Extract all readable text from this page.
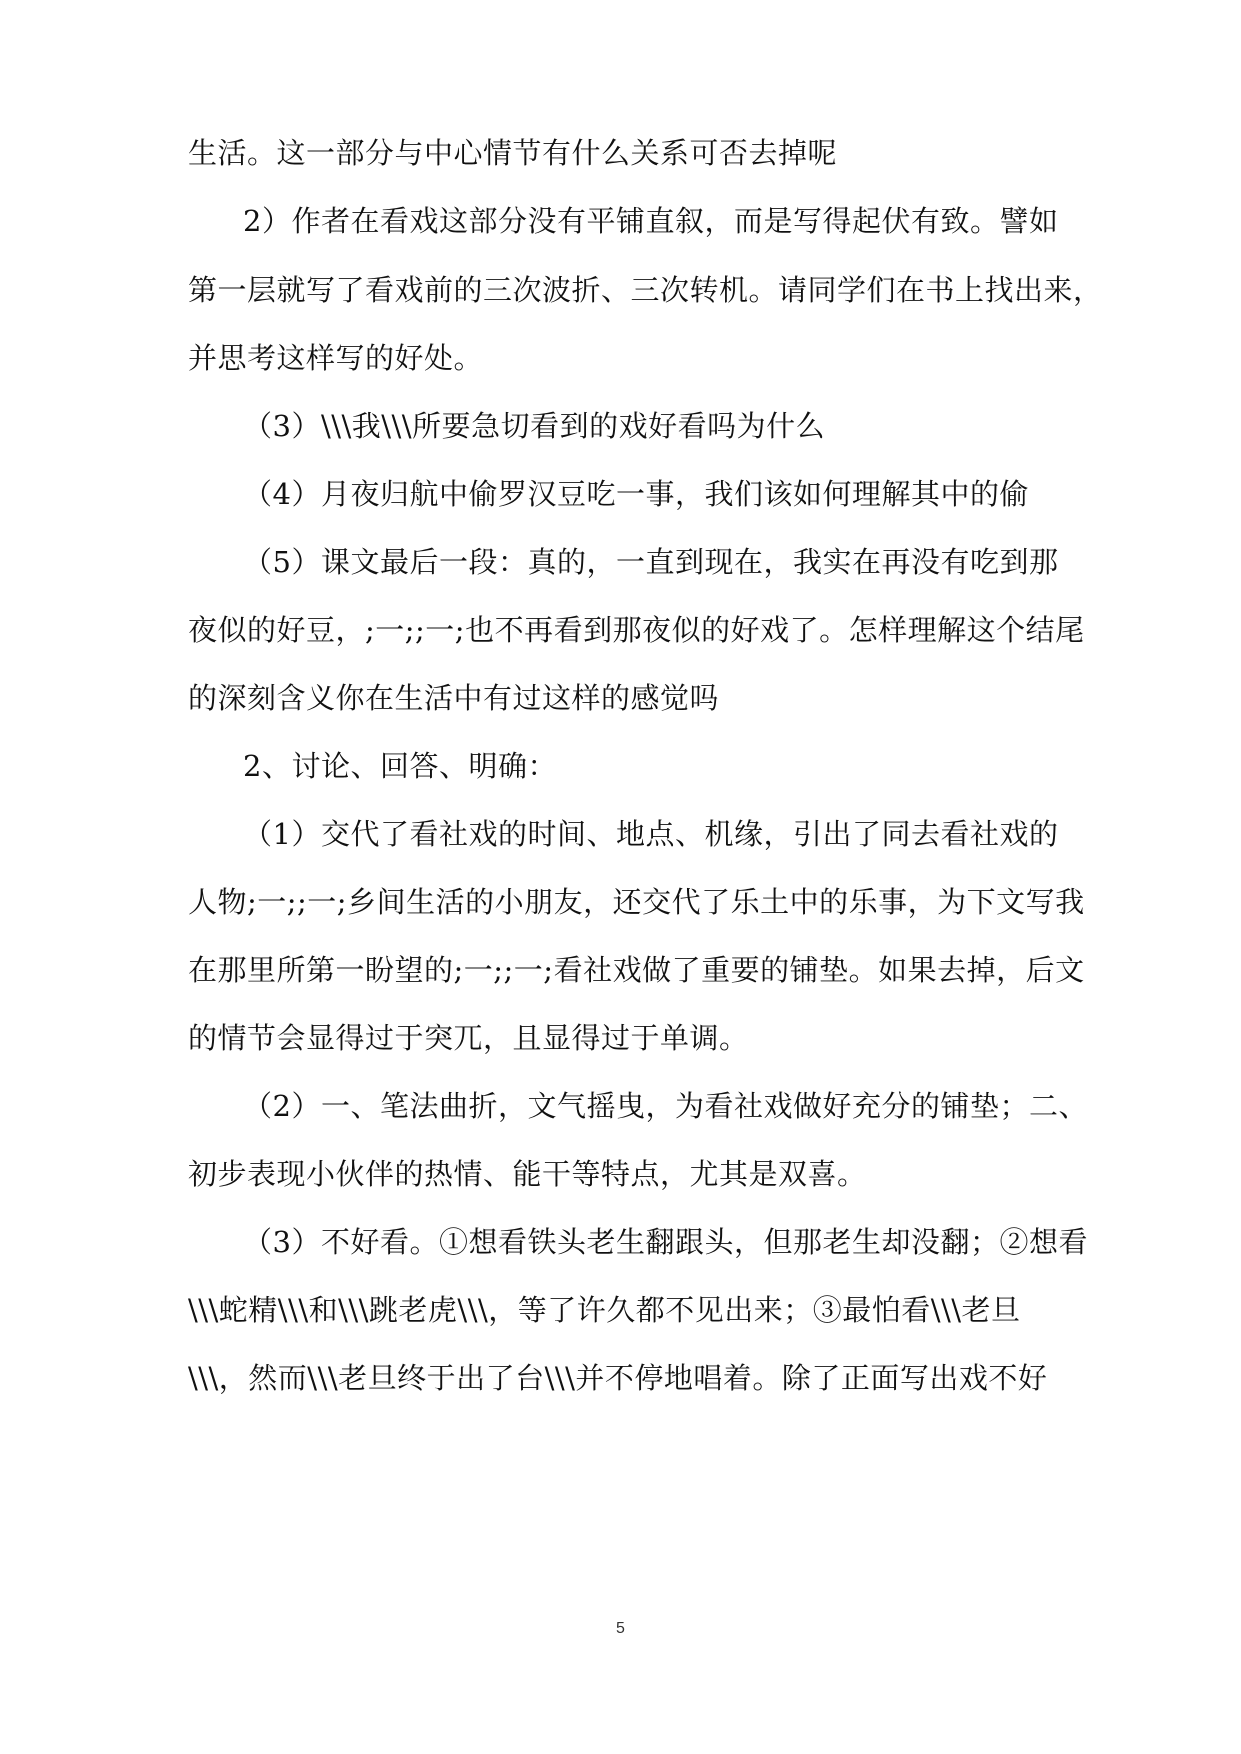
生活。这一部分与中心情节有什么关系可否去掉呢
2）作者在看戏这部分没有平铺直叙，而是写得起伏有致。譬如
第一层就写了看戏前的三次波折、三次转机。请同学们在书上找出来，
并思考这样写的好处。
（3）\\\我\\\所要急切看到的戏好看吗为什么
（4）月夜归航中偷罗汉豆吃一事，我们该如何理解其中的偷
（5）课文最后一段：真的，一直到现在，我实在再没有吃到那
夜似的好豆，;一;;一;也不再看到那夜似的好戏了。怎样理解这个结尾
的深刻含义你在生活中有过这样的感觉吗
2、讨论、回答、明确：
（1）交代了看社戏的时间、地点、机缘，引出了同去看社戏的
人物;一;;一;乡间生活的小朋友，还交代了乐土中的乐事，为下文写我
在那里所第一盼望的;一;;一;看社戏做了重要的铺垫。如果去掉，后文
的情节会显得过于突兀，且显得过于单调。
（2）一、笔法曲折，文气摇曳，为看社戏做好充分的铺垫；二、
初步表现小伙伴的热情、能干等特点，尤其是双喜。
（3）不好看。①想看铁头老生翻跟头，但那老生却没翻；②想看
\\\蛇精\\\和\\\跳老虎\\\，等了许久都不见出来；③最怕看\\\老旦
\\\，然而\\\老旦终于出了台\\\并不停地唱着。除了正面写出戏不好
5
